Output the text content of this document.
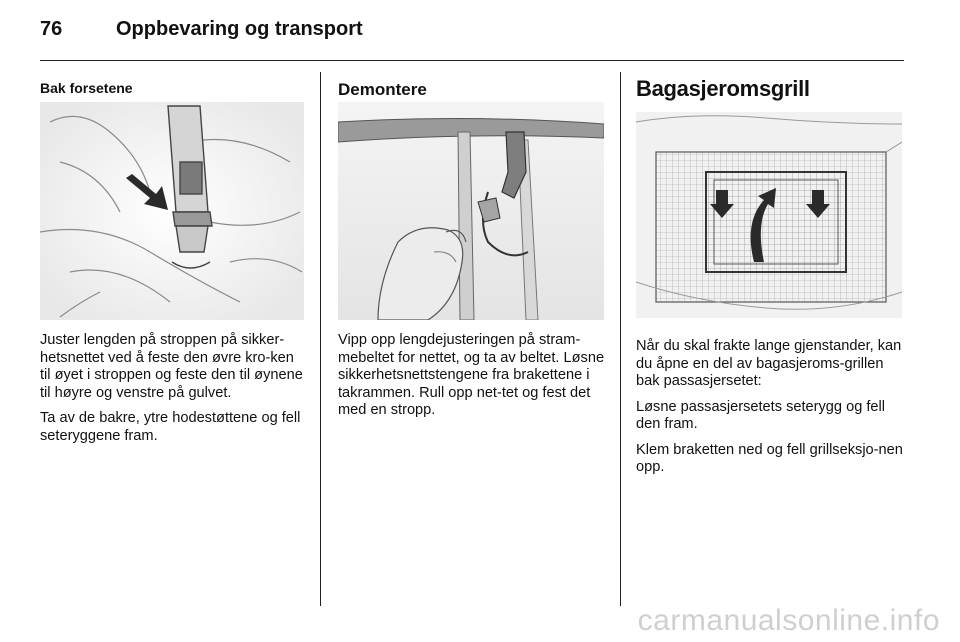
76	Oppbevaring og transport
Bak forsetene

Juster lengden på stroppen på sikker-hetsnettet ved å feste den øvre kro-ken til øyet i stroppen og feste den til øynene til høyre og venstre på gulvet.

Ta av de bakre, ytre hodestøttene og fell seteryggene fram.

Demontere

Vipp opp lengdejusteringen på stram-mebeltet for nettet, og ta av beltet. Løsne sikkerhetsnettstengene fra brakettene i takrammen. Rull opp net-tet og fest det med en stropp.

Bagasjeromsgrill

Når du skal frakte lange gjenstander, kan du åpne en del av bagasjeroms-grillen bak passasjersetet:

Løsne passasjersetets seterygg og fell den fram.

Klem braketten ned og fell grillseksjo-nen opp.

carmanualsonline.info
